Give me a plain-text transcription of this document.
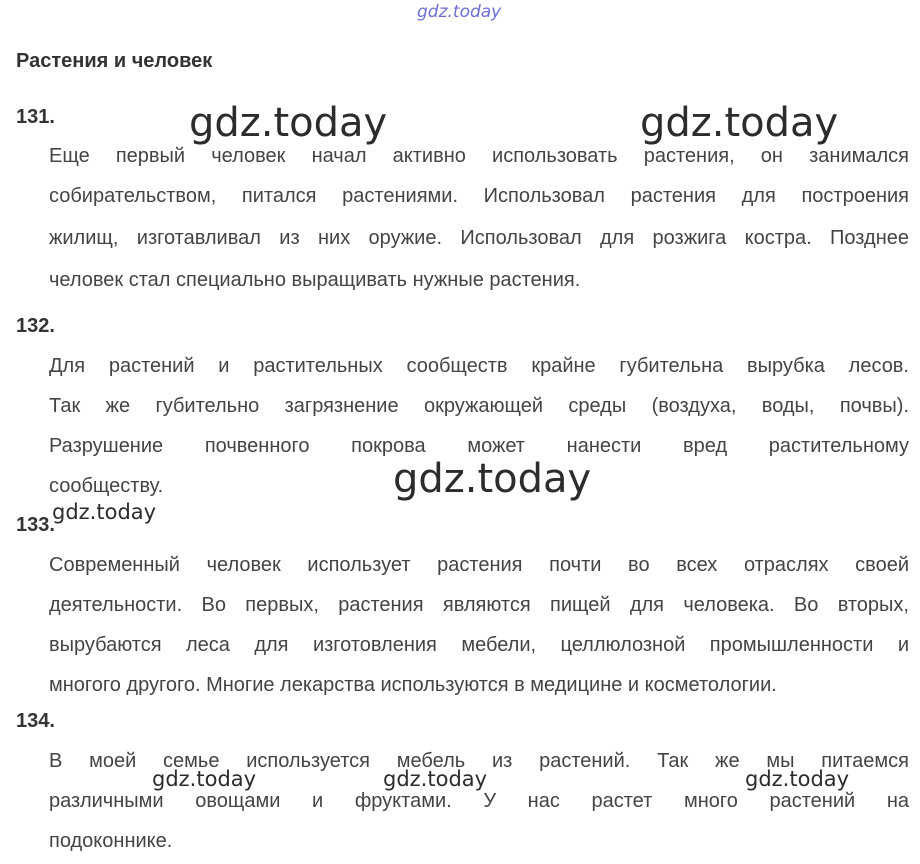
gdz.today
gdz.today	gdz.today
gdz.today
gdz.today
gdz.today	gdz.today	gdz.today
Растения и человек
131.
Еще первый человек начал активно использовать растения, он занимался
собирательством, питался растениями. Использовал растения для построения
жилищ, изготавливал из них оружие. Использовал для розжига костра. Позднее
человек стал специально выращивать нужные растения.
132.
Для растений и растительных сообществ крайне губительна вырубка лесов.
Так же губительно загрязнение окружающей среды (воздуха, воды, почвы).
Разрушение почвенного покрова может нанести вред растительному
сообществу.
133.
Современный человек использует растения почти во всех отраслях своей
деятельности. Во первых, растения являются пищей для человека. Во вторых,
вырубаются леса для изготовления мебели, целлюлозной промышленности и
многого другого. Многие лекарства используются в медицине и косметологии.
134.
В моей семье используется мебель из растений. Так же мы питаемся
различными овощами и фруктами. У нас растет много растений на
подоконнике.
